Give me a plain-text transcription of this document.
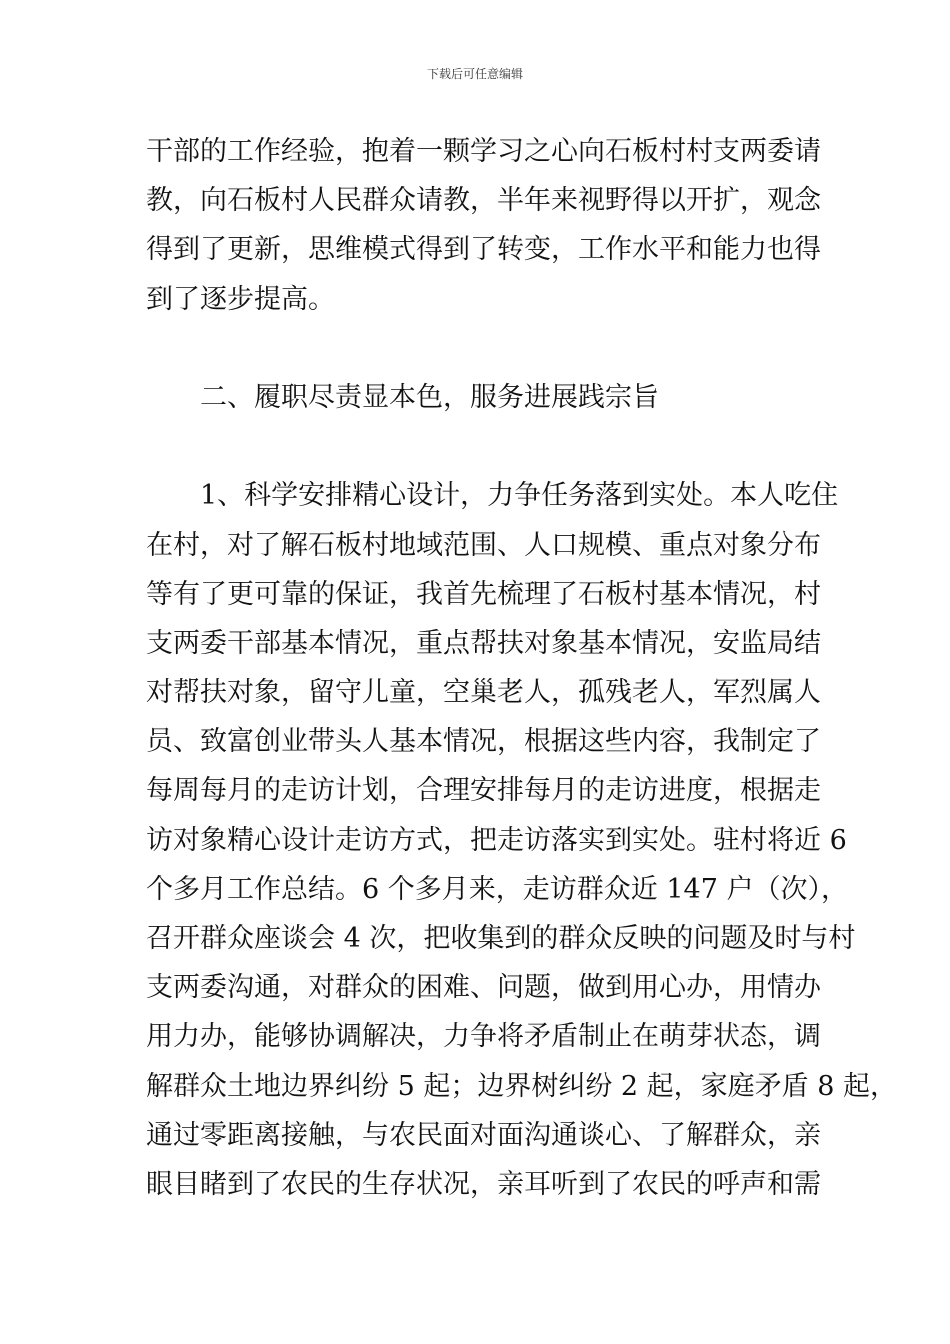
下载后可任意编辑
干部的工作经验，抱着一颗学习之心向石板村村支两委请
教，向石板村人民群众请教，半年来视野得以开扩，观念
得到了更新，思维模式得到了转变，工作水平和能力也得
到了逐步提高。
　　二、履职尽责显本色，服务进展践宗旨
　　1、科学安排精心设计，力争任务落到实处。本人吃住
在村，对了解石板村地域范围、人口规模、重点对象分布
等有了更可靠的保证，我首先梳理了石板村基本情况，村
支两委干部基本情况，重点帮扶对象基本情况，安监局结
对帮扶对象，留守儿童，空巢老人，孤残老人，军烈属人
员、致富创业带头人基本情况，根据这些内容，我制定了
每周每月的走访计划，合理安排每月的走访进度，根据走
访对象精心设计走访方式，把走访落实到实处。驻村将近 6
个多月工作总结。6 个多月来，走访群众近 147 户（次），
召开群众座谈会 4 次，把收集到的群众反映的问题及时与村
支两委沟通，对群众的困难、问题，做到用心办，用情办
用力办，能够协调解决，力争将矛盾制止在萌芽状态，调
解群众土地边界纠纷 5 起；边界树纠纷 2 起，家庭矛盾 8 起，
通过零距离接触，与农民面对面沟通谈心、了解群众，亲
眼目睹到了农民的生存状况，亲耳听到了农民的呼声和需
